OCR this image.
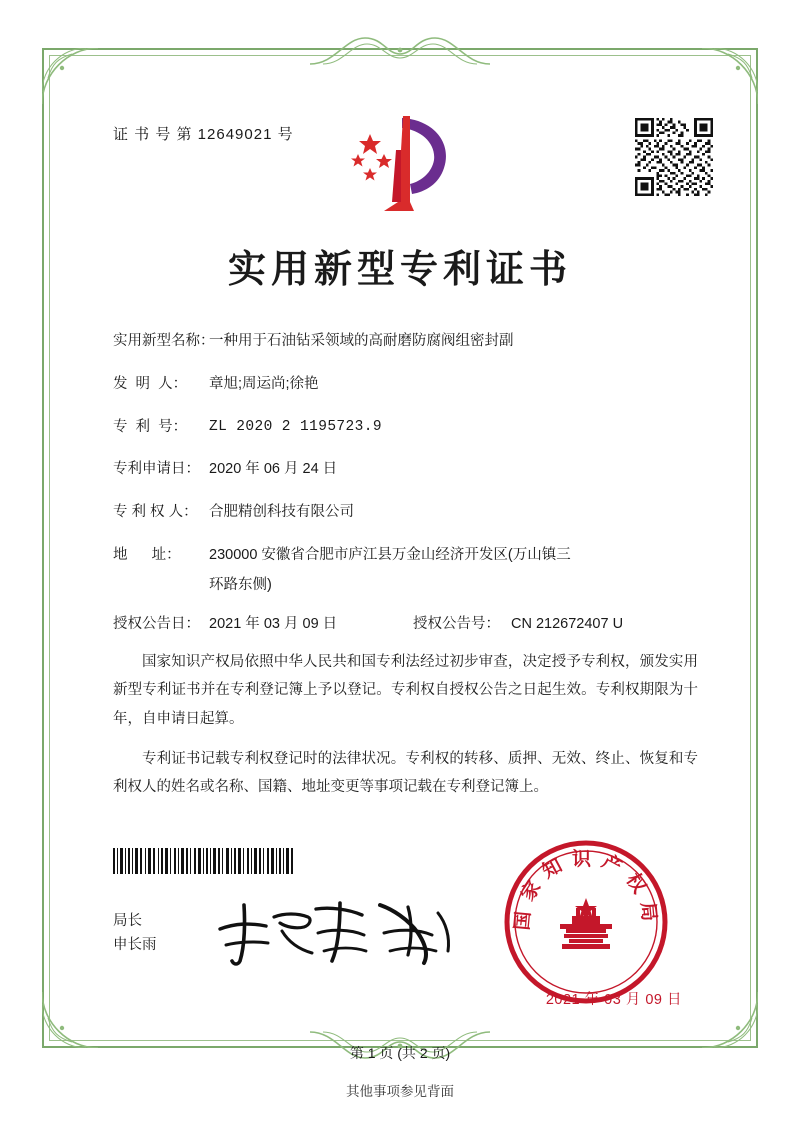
证 书 号 第 12649021 号
实用新型专利证书
实用新型名称：
一种用于石油钻采领域的高耐磨防腐阀组密封副
发  明  人：	章旭;周运尚;徐艳
专  利  号：	ZL 2020 2 1195723.9
专利申请日： 2020 年 06 月 24 日
专 利 权 人： 合肥精创科技有限公司
地      址：	230000 安徽省合肥市庐江县万金山经济开发区(万山镇三
环路东侧)
授权公告日： 2021 年 03 月 09 日	授权公告号： CN 212672407 U

国家知识产权局依照中华人民共和国专利法经过初步审查，决定授予专利权，颁发实用新型专利证书并在专利登记簿上予以登记。专利权自授权公告之日起生效。专利权期限为十年，自申请日起算。

专利证书记载专利权登记时的法律状况。专利权的转移、质押、无效、终止、恢复和专利权人的姓名或名称、国籍、地址变更等事项记载在专利登记簿上。

局长
申长雨
国家知识产权局
2021 年 03 月 09 日
第 1 页 (共 2 页)
其他事项参见背面
